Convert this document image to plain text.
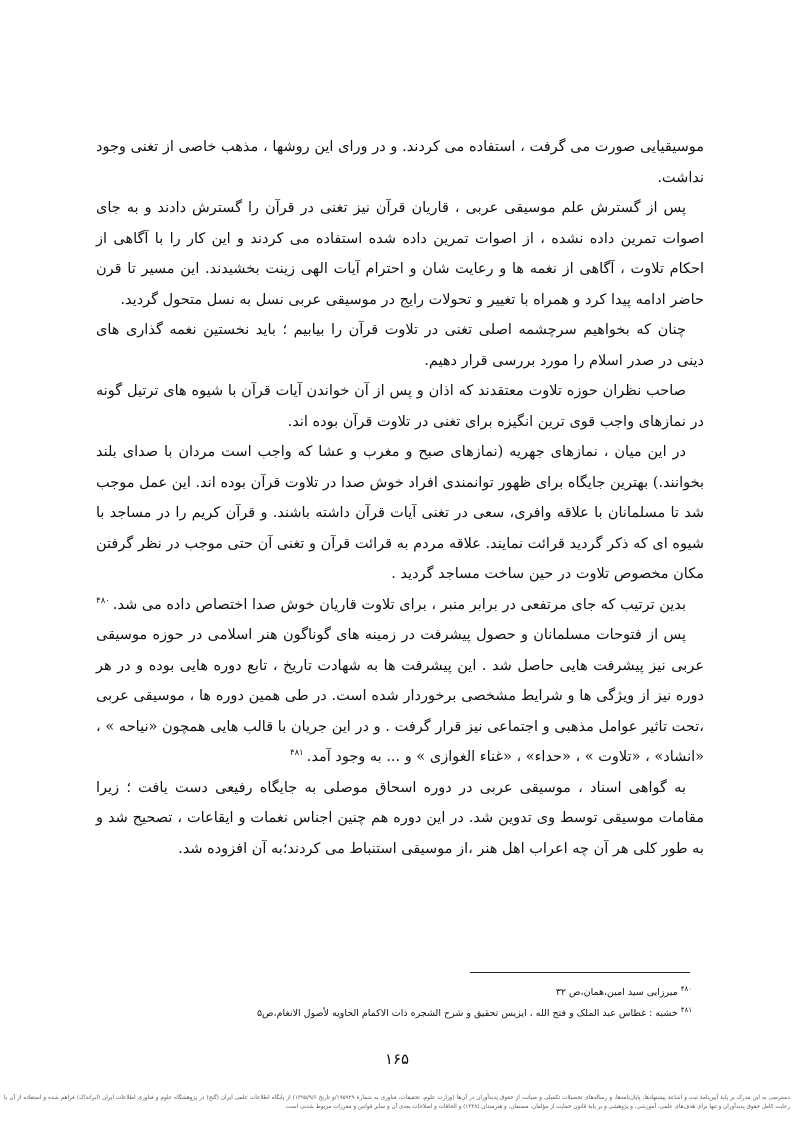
موسیقیایی صورت می گرفت ، استفاده می کردند. و در ورای این روشها ، مذهب خاصی از تغنی وجود نداشت.

پس از گسترش علم موسیقی عربی ، قاریان قرآن نیز تغنی در قرآن را گسترش دادند و به جای اصوات تمرین داده نشده ، از اصوات تمرین داده شده استفاده می کردند و این کار را با آگاهی از احکام تلاوت ، آگاهی از نغمه ها و رعایت شان و احترام آیات الهی زینت بخشیدند. این مسیر تا قرن حاضر ادامه پیدا کرد و همراه با تغییر و تحولات رایج در موسیقی عربی نسل به نسل متحول گردید.

چنان که بخواهیم سرچشمه اصلی تغنی در تلاوت قرآن را بیابیم ؛ باید نخستین نغمه گذاری های دینی در صدر اسلام را مورد بررسی قرار دهیم.

صاحب نظران حوزه تلاوت معتقدند که اذان و پس از آن خواندن آیات قرآن با شیوه های ترتیل گونه در نمازهای واجب قوی ترین انگیزه برای تغنی در تلاوت قرآن بوده اند.

در این میان ، نمازهای جهریه (نمازهای صبح و مغرب و عشا که واجب است مردان با صدای بلند بخوانند.) بهترین جایگاه برای ظهور توانمندی افراد خوش صدا در تلاوت قرآن بوده اند. این عمل موجب شد تا مسلمانان با علاقه وافری، سعی در تغنی آیات قرآن داشته باشند. و قرآن کریم را در مساجد با شیوه ای که ذکر گردید قرائت نمایند. علاقه مردم به قرائت قرآن و تغنی آن حتی موجب در نظر گرفتن مکان مخصوص تلاوت در حین ساخت مساجد گردید .

بدین ترتیب که جای مرتفعی در برابر منبر ، برای تلاوت قاریان خوش صدا اختصاص داده می شد.$^{۴۸۰}$

پس از فتوحات مسلمانان و حصول پیشرفت در زمینه های گوناگون هنر اسلامی در حوزه موسیقی عربی نیز پیشرفت هایی حاصل شد . این پیشرفت ها به شهادت تاریخ ، تابع دوره هایی بوده و در هر دوره نیز از ویژگی ها و شرایط مشخصی برخوردار شده است. در طی همین دوره ها ، موسیقی عربی ،تحت تاثیر عوامل مذهبی و اجتماعی نیز قرار گرفت . و در این جریان با قالب هایی همچون «نیاحه » ، «انشاد» ، «تلاوت » ، «حداء» ، «غناء الغوازی » و ... به وجود آمد.$^{۴۸۱}$

به گواهی اسناد ، موسیقی عربی در دوره اسحاق موصلی به جایگاه رفیعی دست یافت ؛ زیرا مقامات موسیقی توسط وی تدوین شد. در این دوره هم چنین اجناس نغمات و ایقاعات ، تصحیح شد و به طور کلی هر آن چه اعراب اهل هنر ،از موسیقی استنباط می کردند؛به آن افزوده شد.

$^{۴۸۰}$میرزایی سید امین،همان،ص ۳۲

$^{۴۸۱}$خشبه : غطاس عبد الملک و فتح الله ، ایزیس تحقیق و شرح الشجره ذات الاکمام الحاویه لأصول الانغام،ص۵

۱۶۵
دسترسی به این مدرک بر پایهٔ آیین‌نامهٔ ثبت و اشاعهٔ پیشنهادها، پایان‌نامه‌ها، و رساله‌های تحصیلات تکمیلی و صیانت از حقوق پدیدآوران در آن‌ها (وزارت علوم، تحقیقات، فناوری به شمارهٔ ۱۹۵۹۲۹/و تاریخ ۱۳۹۵/۹/۶) از پایگاه اطلاعات علمی ایران (گنج) در پژوهشگاه علوم و فناوری اطلاعات ایران (ایرانداک) فراهم شده و استفاده از آن با رعایت کامل حقوق پدیدآوران و تنها برای هدف‌های علمی، آموزشی، و پژوهشی و بر پایهٔ قانون حمایت از مؤلفان، مصنفان، و هنرمندان (۱۳۴۸) و الحاقات و اصلاحات بعدی آن و سایر قوانین و مقررات مربوط شدنی است.
